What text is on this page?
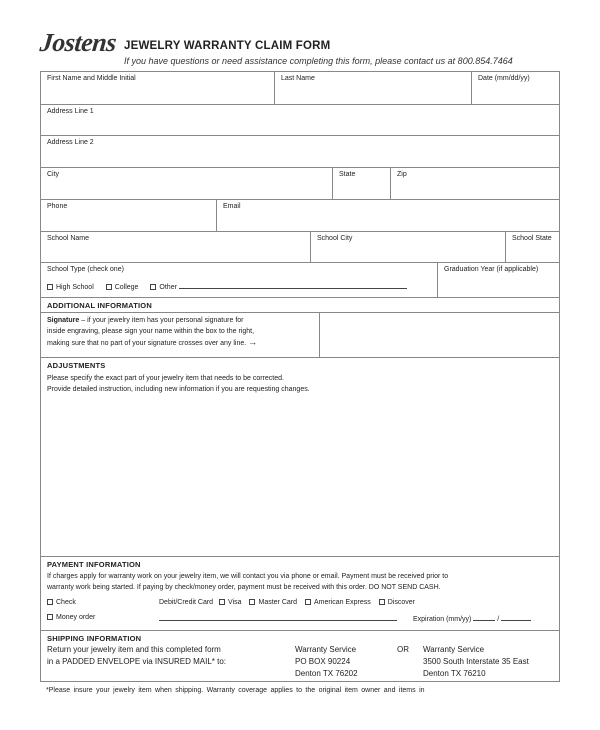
Jostens JEWELRY WARRANTY CLAIM FORM
If you have questions or need assistance completing this form, please contact us at 800.854.7464
First Name and Middle Initial	Last Name	Date (mm/dd/yy)
Address Line 1
Address Line 2
City	State	Zip
Phone	Email
School Name	School City	School State
School Type (check one)
High School	College	Other
Graduation Year (if applicable)
ADDITIONAL INFORMATION
Signature – if your jewelry item has your personal signature for
inside engraving, please sign your name within the box to the right,
making sure that no part of your signature crosses over any line. →
ADJUSTMENTS
Please specify the exact part of your jewelry item that needs to be corrected.
Provide detailed instruction, including new information if you are requesting changes.
PAYMENT INFORMATION
If charges apply for warranty work on your jewelry item, we will contact you via phone or email. Payment must be received prior to
warranty work being started. If paying by check/money order, payment must be received with this order. DO NOT SEND CASH.
Check
Money order
Debit/Credit Card Visa Master Card American Express Discover
Expiration (mm/yy)	/
SHIPPING INFORMATION
Return your jewelry item and this completed form
in a PADDED ENVELOPE via INSURED MAIL* to:
Warranty Service
PO BOX 90224
Denton TX 76202
OR Warranty Service
3500 South Interstate 35 East
Denton TX 76210
*Please insure your jewelry item when shipping. Warranty coverage applies to the original item owner and items in
